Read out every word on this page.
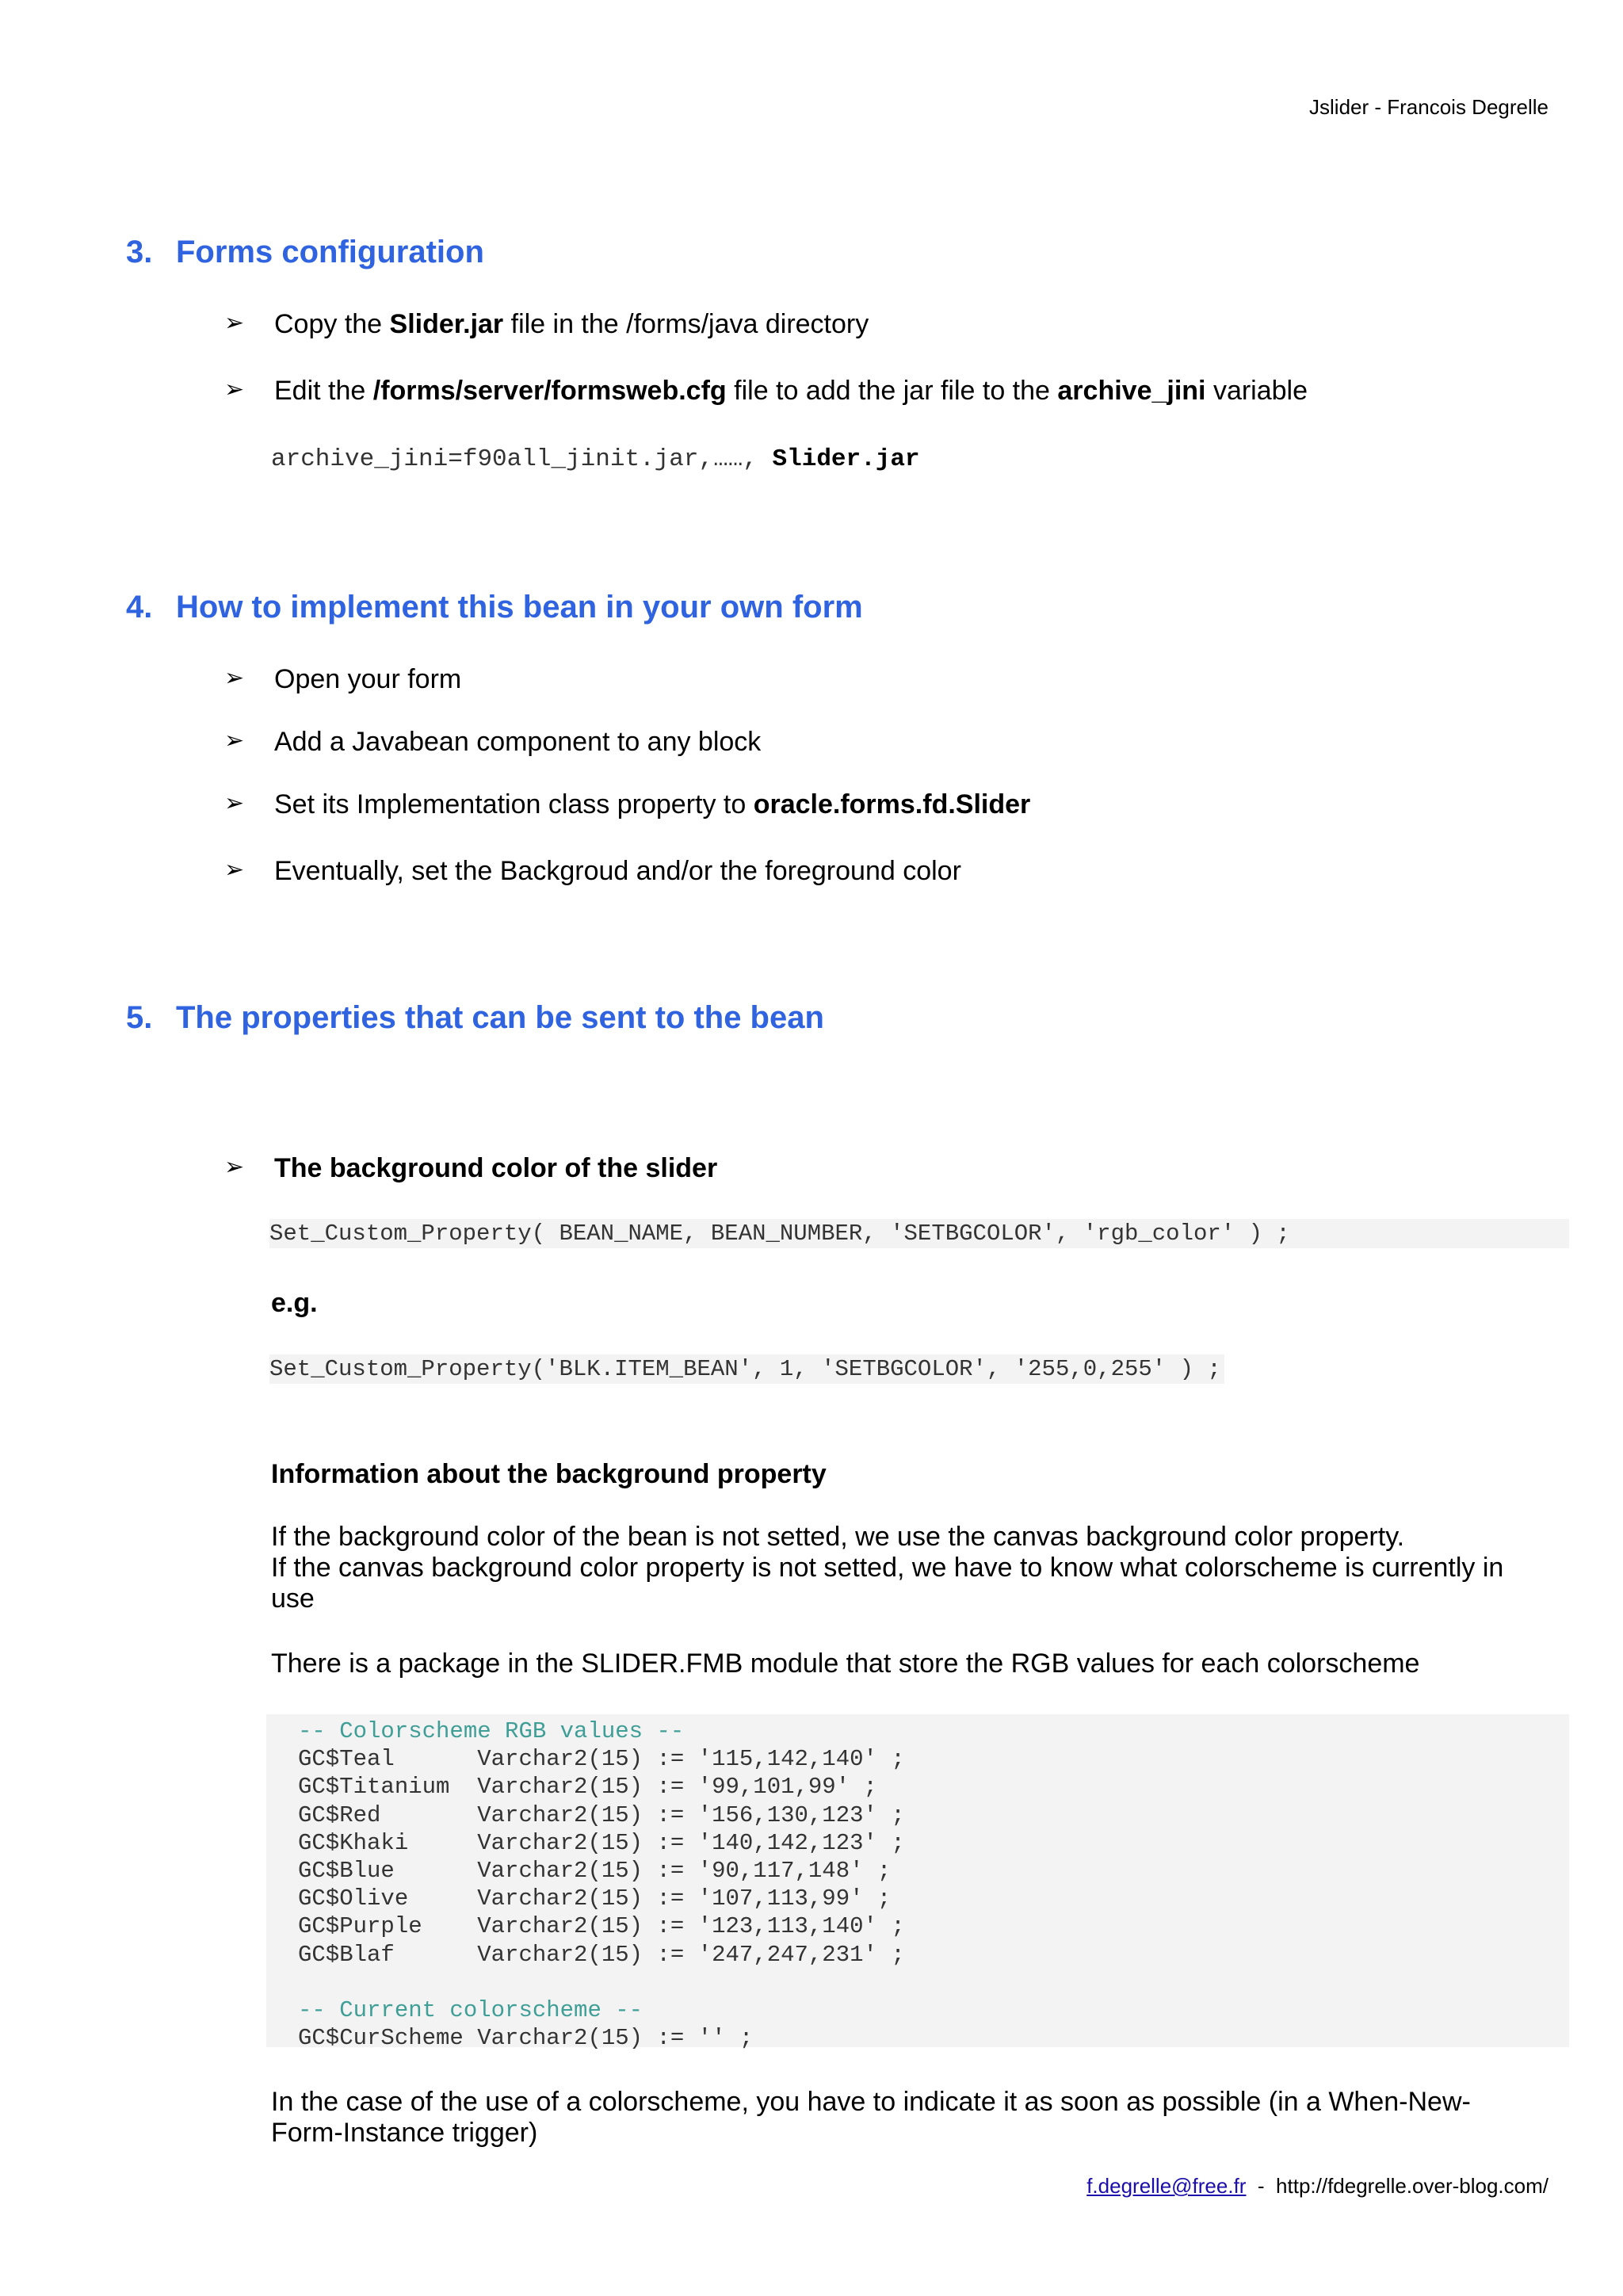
Jslider - Francois Degrelle
3. Forms configuration
➢ Copy the Slider.jar file in the /forms/java directory
➢ Edit the /forms/server/formsweb.cfg file to add the jar file to the archive_jini variable
archive_jini=f90all_jinit.jar,……, Slider.jar
4. How to implement this bean in your own form
➢ Open your form
➢ Add a Javabean component to any block
➢ Set its Implementation class property to oracle.forms.fd.Slider
➢ Eventually, set the Backgroud and/or the foreground color
5. The properties that can be sent to the bean
➢ The background color of the slider
Set_Custom_Property( BEAN_NAME, BEAN_NUMBER, 'SETBGCOLOR', 'rgb_color' ) ;
e.g.
Set_Custom_Property('BLK.ITEM_BEAN', 1, 'SETBGCOLOR', '255,0,255' ) ;
Information about the background property
If the background color of the bean is not setted, we use the canvas background color property.
If the canvas background color property is not setted, we have to know what colorscheme is currently in
use
There is a package in the SLIDER.FMB module that store the RGB values for each colorscheme
-- Colorscheme RGB values --
GC$Teal      Varchar2(15) := '115,142,140' ;
GC$Titanium  Varchar2(15) := '99,101,99' ;
GC$Red       Varchar2(15) := '156,130,123' ;
GC$Khaki     Varchar2(15) := '140,142,123' ;
GC$Blue      Varchar2(15) := '90,117,148' ;
GC$Olive     Varchar2(15) := '107,113,99' ;
GC$Purple    Varchar2(15) := '123,113,140' ;
GC$Blaf      Varchar2(15) := '247,247,231' ;

-- Current colorscheme --
GC$CurScheme Varchar2(15) := '' ;
In the case of the use of a colorscheme, you have to indicate it as soon as possible (in a When-New-
Form-Instance trigger)
f.degrelle@free.fr  -  http://fdegrelle.over-blog.com/
